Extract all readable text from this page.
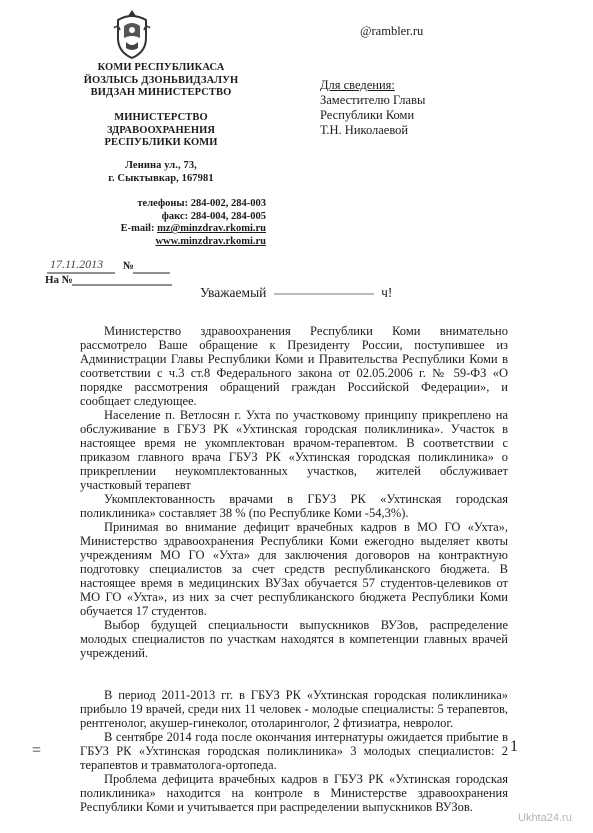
КОМИ РЕСПУБЛИКАСА
ЙОЗЛЫСЬ ДЗОНЬВИДЗАЛУН
ВИДЗАН МИНИСТЕРСТВО
МИНИСТЕРСТВО
ЗДРАВООХРАНЕНИЯ
РЕСПУБЛИКИ КОМИ
Ленина ул., 73,
г. Сыктывкар, 167981
телефоны: 284-002, 284-003
факс: 284-004, 284-005
E-mail: mz@minzdrav.rkomi.ru
www.minzdrav.rkomi.ru
17.11.2013 №
На №
@rambler.ru
Для сведения:
Заместителю Главы
Республики Коми
Т.Н. Николаевой
Уважаемый	ч!

Министерство здравоохранения Республики Коми внимательно рассмотрело Ваше обращение к Президенту России, поступившее из Администрации Главы Республики Коми и Правительства Республики Коми в соответствии с ч.3 ст.8 Федерального закона от 02.05.2006 г. № 59-ФЗ «О порядке рассмотрения обращений граждан Российской Федерации», и сообщает следующее.

Население п. Ветлосян г. Ухта по участковому принципу прикреплено на обслуживание в ГБУЗ РК «Ухтинская городская поликлиника». Участок в настоящее время не укомплектован врачом-терапевтом. В соответствии с приказом главного врача ГБУЗ РК «Ухтинская городская поликлиника» о прикреплении неукомплектованных участков, жителей обслуживает участковый терапевт

Укомплектованность врачами в ГБУЗ РК «Ухтинская городская поликлиника» составляет 38 % (по Республике Коми -54,3%).

Принимая во внимание дефицит врачебных кадров в МО ГО «Ухта», Министерство здравоохранения Республики Коми ежегодно выделяет квоты учреждениям МО ГО «Ухта» для заключения договоров на контрактную подготовку специалистов за счет средств республиканского бюджета. В настоящее время в медицинских ВУЗах обучается 57 студентов-целевиков от МО ГО «Ухта», из них за счет республиканского бюджета Республики Коми обучается 17 студентов.

Выбор будущей специальности выпускников ВУЗов, распределение молодых специалистов по участкам находятся в компетенции главных врачей учреждений.

В период 2011-2013 гг. в ГБУЗ РК «Ухтинская городская поликлиника» прибыло 19 врачей, среди них 11 человек - молодые специалисты: 5 терапевтов, рентгенолог, акушер-гинеколог, отоларинголог, 2 фтизиатра, невролог.

В сентябре 2014 года после окончания интернатуры ожидается прибытие в ГБУЗ РК «Ухтинская городская поликлиника» 3 молодых специалистов: 2 терапевтов и травматолога-ортопеда.

Проблема дефицита врачебных кадров в ГБУЗ РК «Ухтинская городская поликлиника» находится на контроле в Министерстве здравоохранения Республики Коми и учитывается при распределении выпускников ВУЗов.

=	1
Ukhta24.ru
